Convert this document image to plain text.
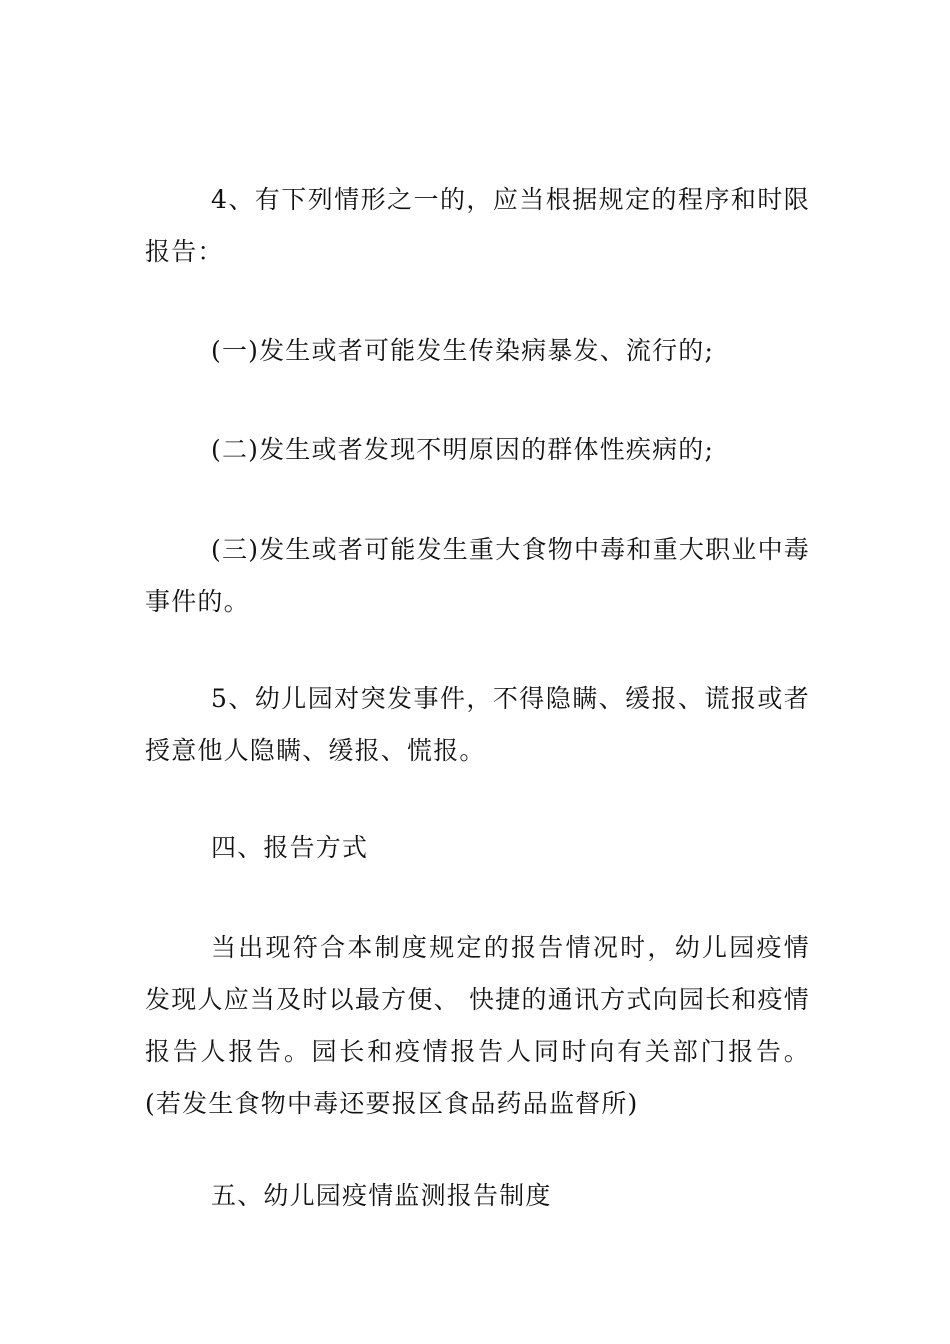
4、有下列情形之一的，应当根据规定的程序和时限报告：

(一)发生或者可能发生传染病暴发、流行的;

(二)发生或者发现不明原因的群体性疾病的;

(三)发生或者可能发生重大食物中毒和重大职业中毒事件的。

5、幼儿园对突发事件，不得隐瞒、缓报、谎报或者授意他人隐瞒、缓报、慌报。

四、报告方式

当出现符合本制度规定的报告情况时，幼儿园疫情发现人应当及时以最方便、 快捷的通讯方式向园长和疫情报告人报告。园长和疫情报告人同时向有关部门报告。(若发生食物中毒还要报区食品药品监督所)

五、幼儿园疫情监测报告制度
